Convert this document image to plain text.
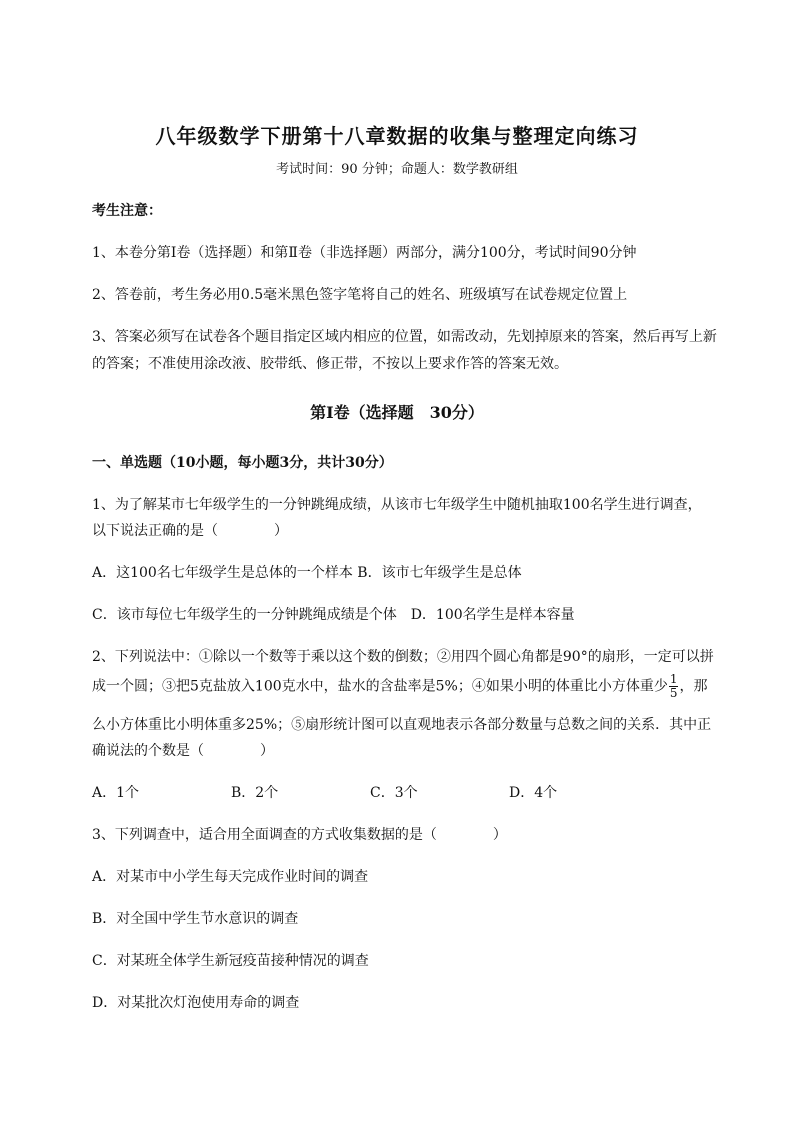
八年级数学下册第十八章数据的收集与整理定向练习
考试时间：90 分钟；命题人：数学教研组
考生注意：
1、本卷分第Ⅰ卷（选择题）和第Ⅱ卷（非选择题）两部分，满分100分，考试时间90分钟
2、答卷前，考生务必用0.5毫米黑色签字笔将自己的姓名、班级填写在试卷规定位置上
3、答案必须写在试卷各个题目指定区域内相应的位置，如需改动，先划掉原来的答案，然后再写上新
的答案；不准使用涂改液、胶带纸、修正带，不按以上要求作答的答案无效。
第Ⅰ卷（选择题　30分）
一、单选题（10小题，每小题3分，共计30分）
1、为了解某市七年级学生的一分钟跳绳成绩，从该市七年级学生中随机抽取100名学生进行调查，
以下说法正确的是（　　　　）
A．这100名七年级学生是总体的一个样本 B．该市七年级学生是总体
C．该市每位七年级学生的一分钟跳绳成绩是个体　D．100名学生是样本容量
2、下列说法中：①除以一个数等于乘以这个数的倒数；②用四个圆心角都是90°的扇形，一定可以拼
成一个圆；③把5克盐放入100克水中，盐水的含盐率是5%；④如果小明的体重比小方体重少 $\frac{1}{5}$ ，那
么小方体重比小明体重多25%；⑤扇形统计图可以直观地表示各部分数量与总数之间的关系．其中正
确说法的个数是（　　　　）
A．1个	B．2个	C．3个	D．4个
3、下列调查中，适合用全面调查的方式收集数据的是（　　　　）
A．对某市中小学生每天完成作业时间的调查
B．对全国中学生节水意识的调查
C．对某班全体学生新冠疫苗接种情况的调查
D．对某批次灯泡使用寿命的调查
